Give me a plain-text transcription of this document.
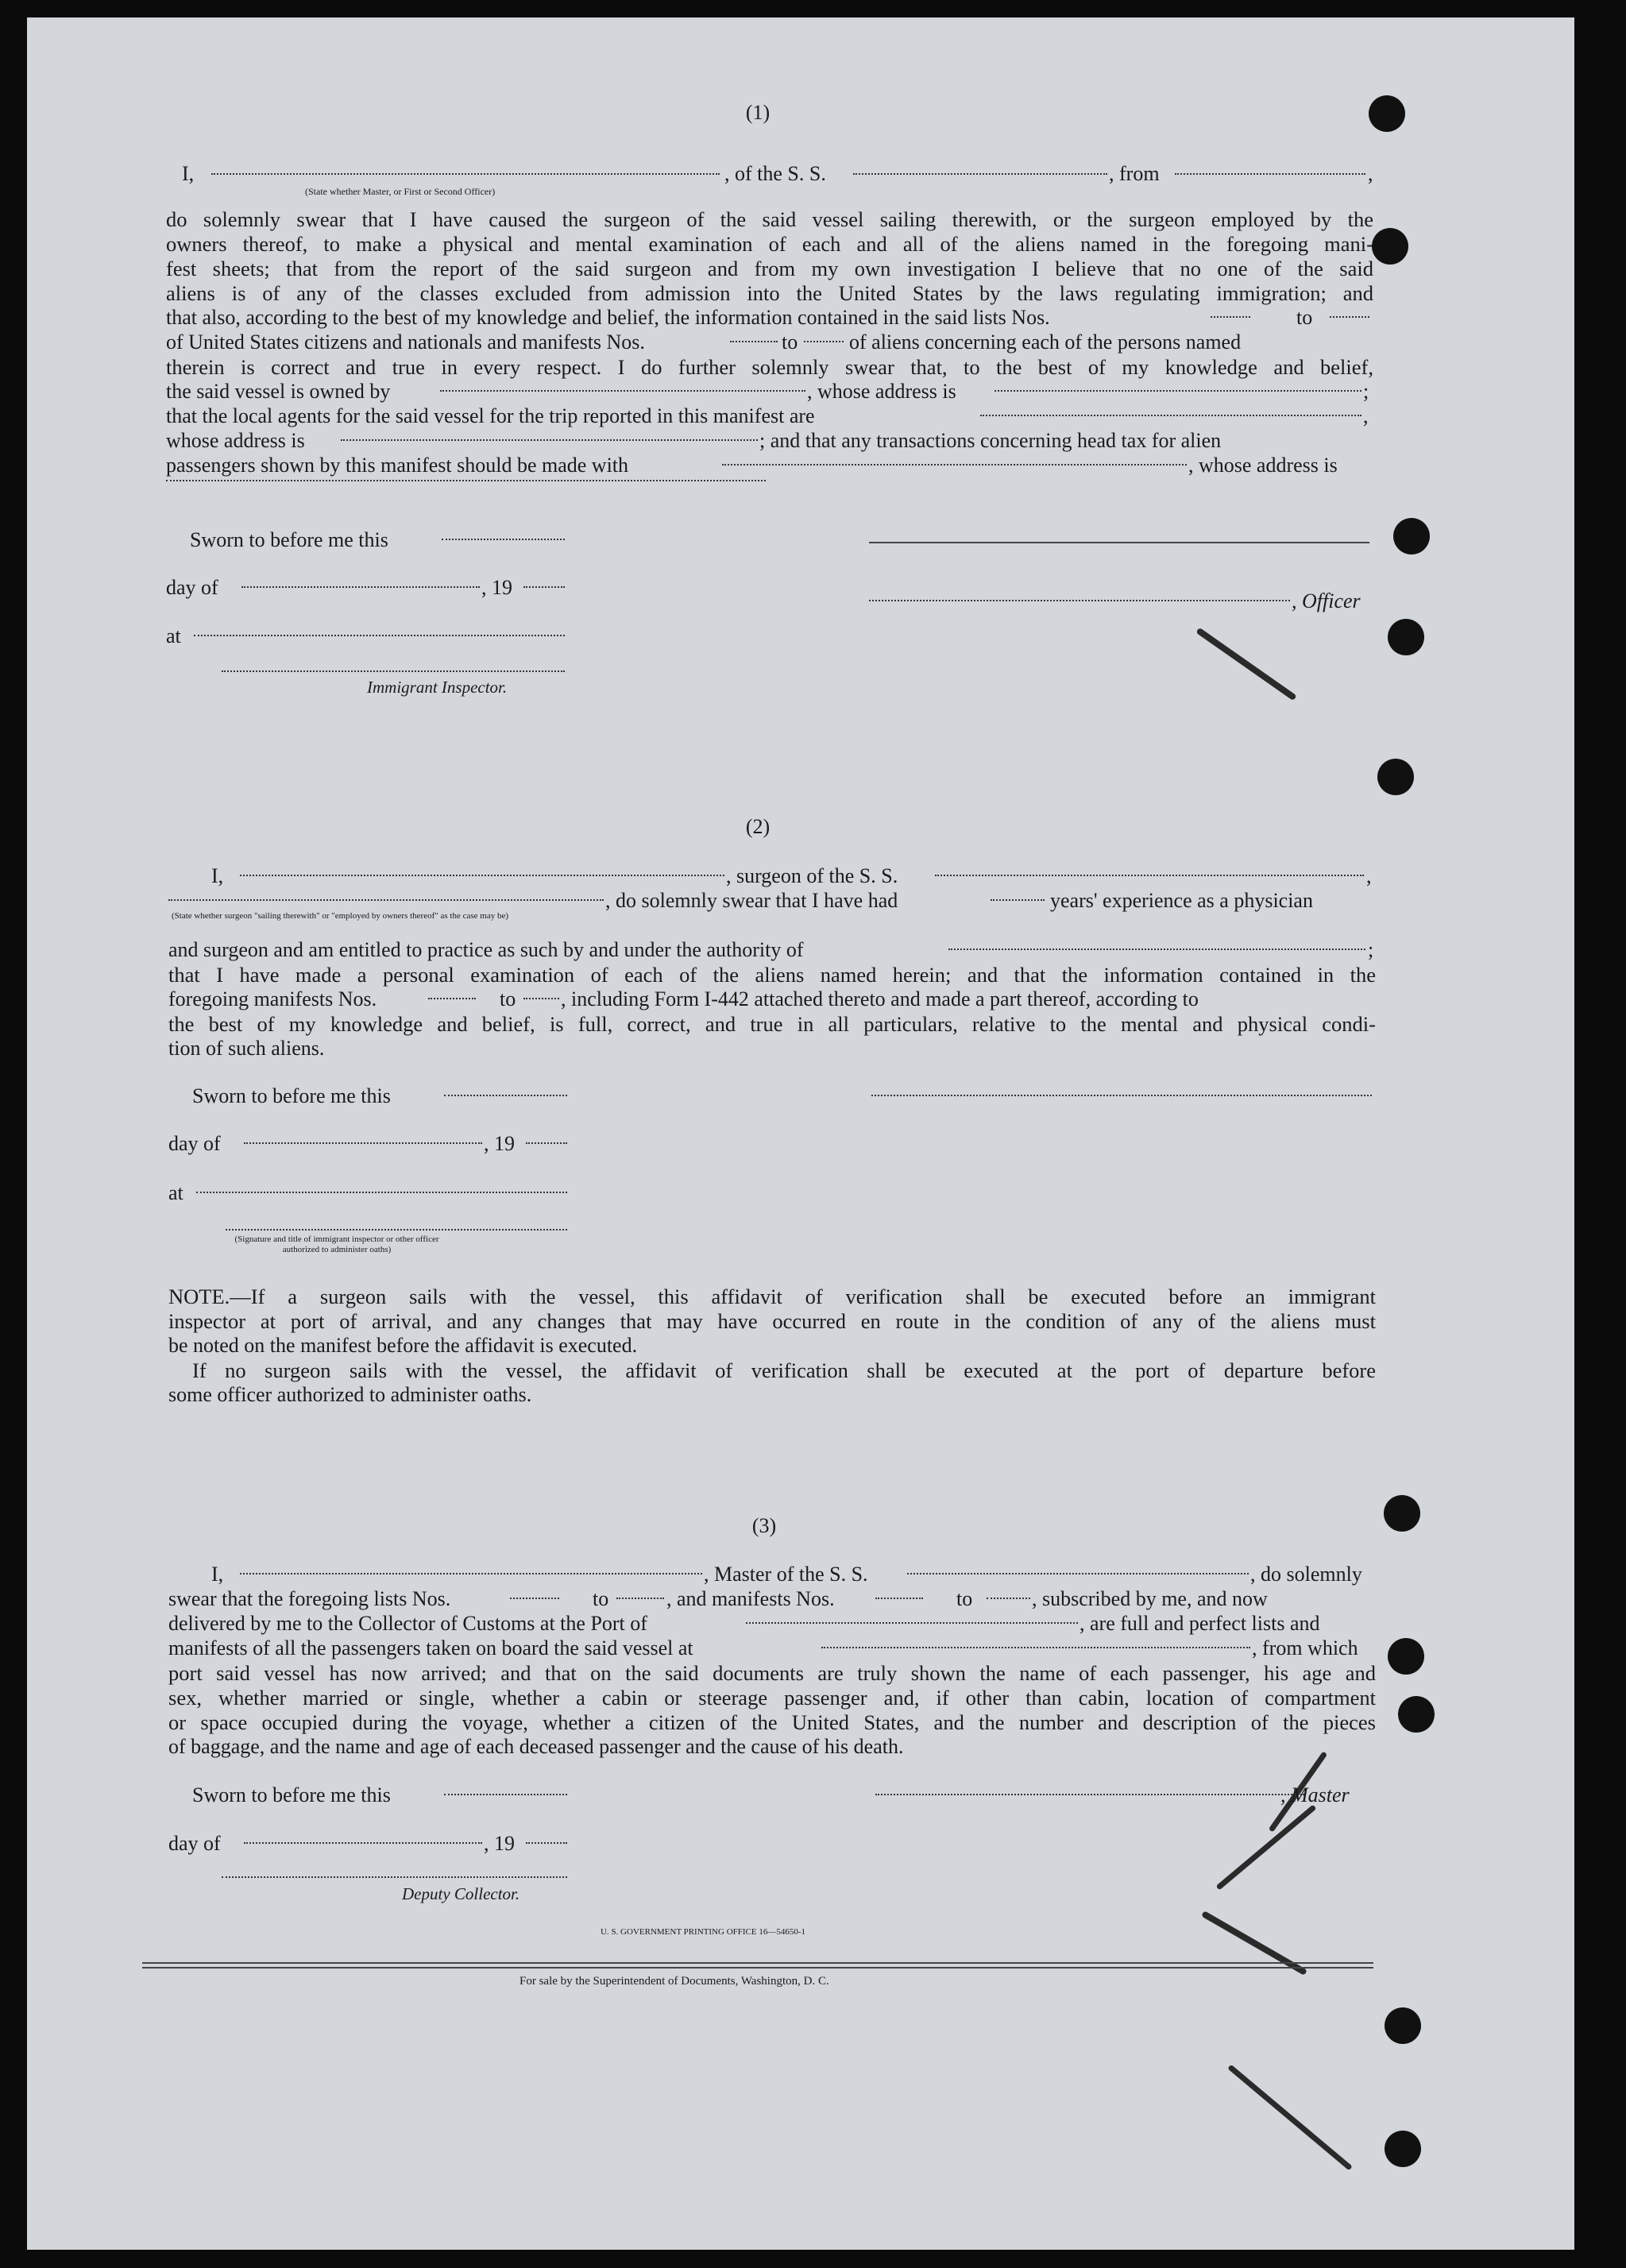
(1)
I,	, of the S. S.	, from	,
(State whether Master, or First or Second Officer)
do solemnly swear that I have caused the surgeon of the said vessel sailing therewith, or the surgeon employed by the
owners thereof, to make a physical and mental examination of each and all of the aliens named in the foregoing mani-
fest sheets; that from the report of the said surgeon and from my own investigation I believe that no one of the said
aliens is of any of the classes excluded from admission into the United States by the laws regulating immigration; and
that also, according to the best of my knowledge and belief, the information contained in the said lists Nos.	to
of United States citizens and nationals and manifests Nos.	to of aliens concerning each of the persons named
therein is correct and true in every respect. I do further solemnly swear that, to the best of my knowledge and belief,
the said vessel is owned by	, whose address is	;
that the local agents for the said vessel for the trip reported in this manifest are	,
whose address is	; and that any transactions concerning head tax for alien
passengers shown by this manifest should be made with	, whose address is
Sworn to before me this
day of	, 19
, Officer
at
Immigrant Inspector.
(2)
I,	, surgeon of the S. S.	,
, do solemnly swear that I have had	years' experience as a physician
(State whether surgeon "sailing therewith" or "employed by owners thereof" as the case may be)
and surgeon and am entitled to practice as such by and under the authority of	;
that I have made a personal examination of each of the aliens named herein; and that the information contained in the
foregoing manifests Nos.	to , including Form I-442 attached thereto and made a part thereof, according to
the best of my knowledge and belief, is full, correct, and true in all particulars, relative to the mental and physical condi-
tion of such aliens.
Sworn to before me this
day of	, 19
at
(Signature and title of immigrant inspector or other officer authorized to administer oaths)
NOTE.—If a surgeon sails with the vessel, this affidavit of verification shall be executed before an immigrant
inspector at port of arrival, and any changes that may have occurred en route in the condition of any of the aliens must
be noted on the manifest before the affidavit is executed.
If no surgeon sails with the vessel, the affidavit of verification shall be executed at the port of departure before
some officer authorized to administer oaths.
(3)
I,	, Master of the S. S.	, do solemnly
swear that the foregoing lists Nos.	to	, and manifests Nos.	to	, subscribed by me, and now
delivered by me to the Collector of Customs at the Port of	, are full and perfect lists and
manifests of all the passengers taken on board the said vessel at	, from which
port said vessel has now arrived; and that on the said documents are truly shown the name of each passenger, his age and
sex, whether married or single, whether a cabin or steerage passenger and, if other than cabin, location of compartment
or space occupied during the voyage, whether a citizen of the United States, and the number and description of the pieces
of baggage, and the name and age of each deceased passenger and the cause of his death.
Sworn to before me this	, Master
day of	, 19
Deputy Collector.
U. S. GOVERNMENT PRINTING OFFICE 16—54650-1
For sale by the Superintendent of Documents, Washington, D. C.
